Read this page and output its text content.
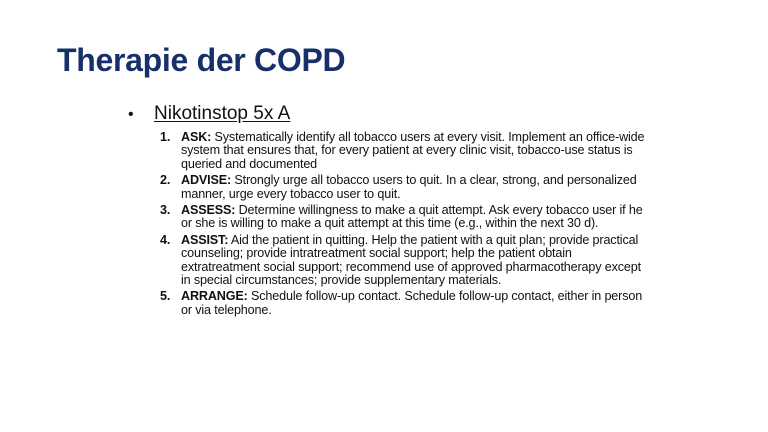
Therapie der COPD
•	Nikotinstop 5x A
1. ASK: Systematically identify all tobacco users at every visit. Implement an office-wide system that ensures that, for every patient at every clinic visit, tobacco-use status is queried and documented
2. ADVISE: Strongly urge all tobacco users to quit. In a clear, strong, and personalized manner, urge every tobacco user to quit.
3. ASSESS: Determine willingness to make a quit attempt. Ask every tobacco user if he or she is willing to make a quit attempt at this time (e.g., within the next 30 d).
4. ASSIST: Aid the patient in quitting. Help the patient with a quit plan; provide practical counseling; provide intratreatment social support; help the patient obtain extratreatment social support; recommend use of approved pharmacotherapy except in special circumstances; provide supplementary materials.
5. ARRANGE: Schedule follow-up contact. Schedule follow-up contact, either in person or via telephone.
